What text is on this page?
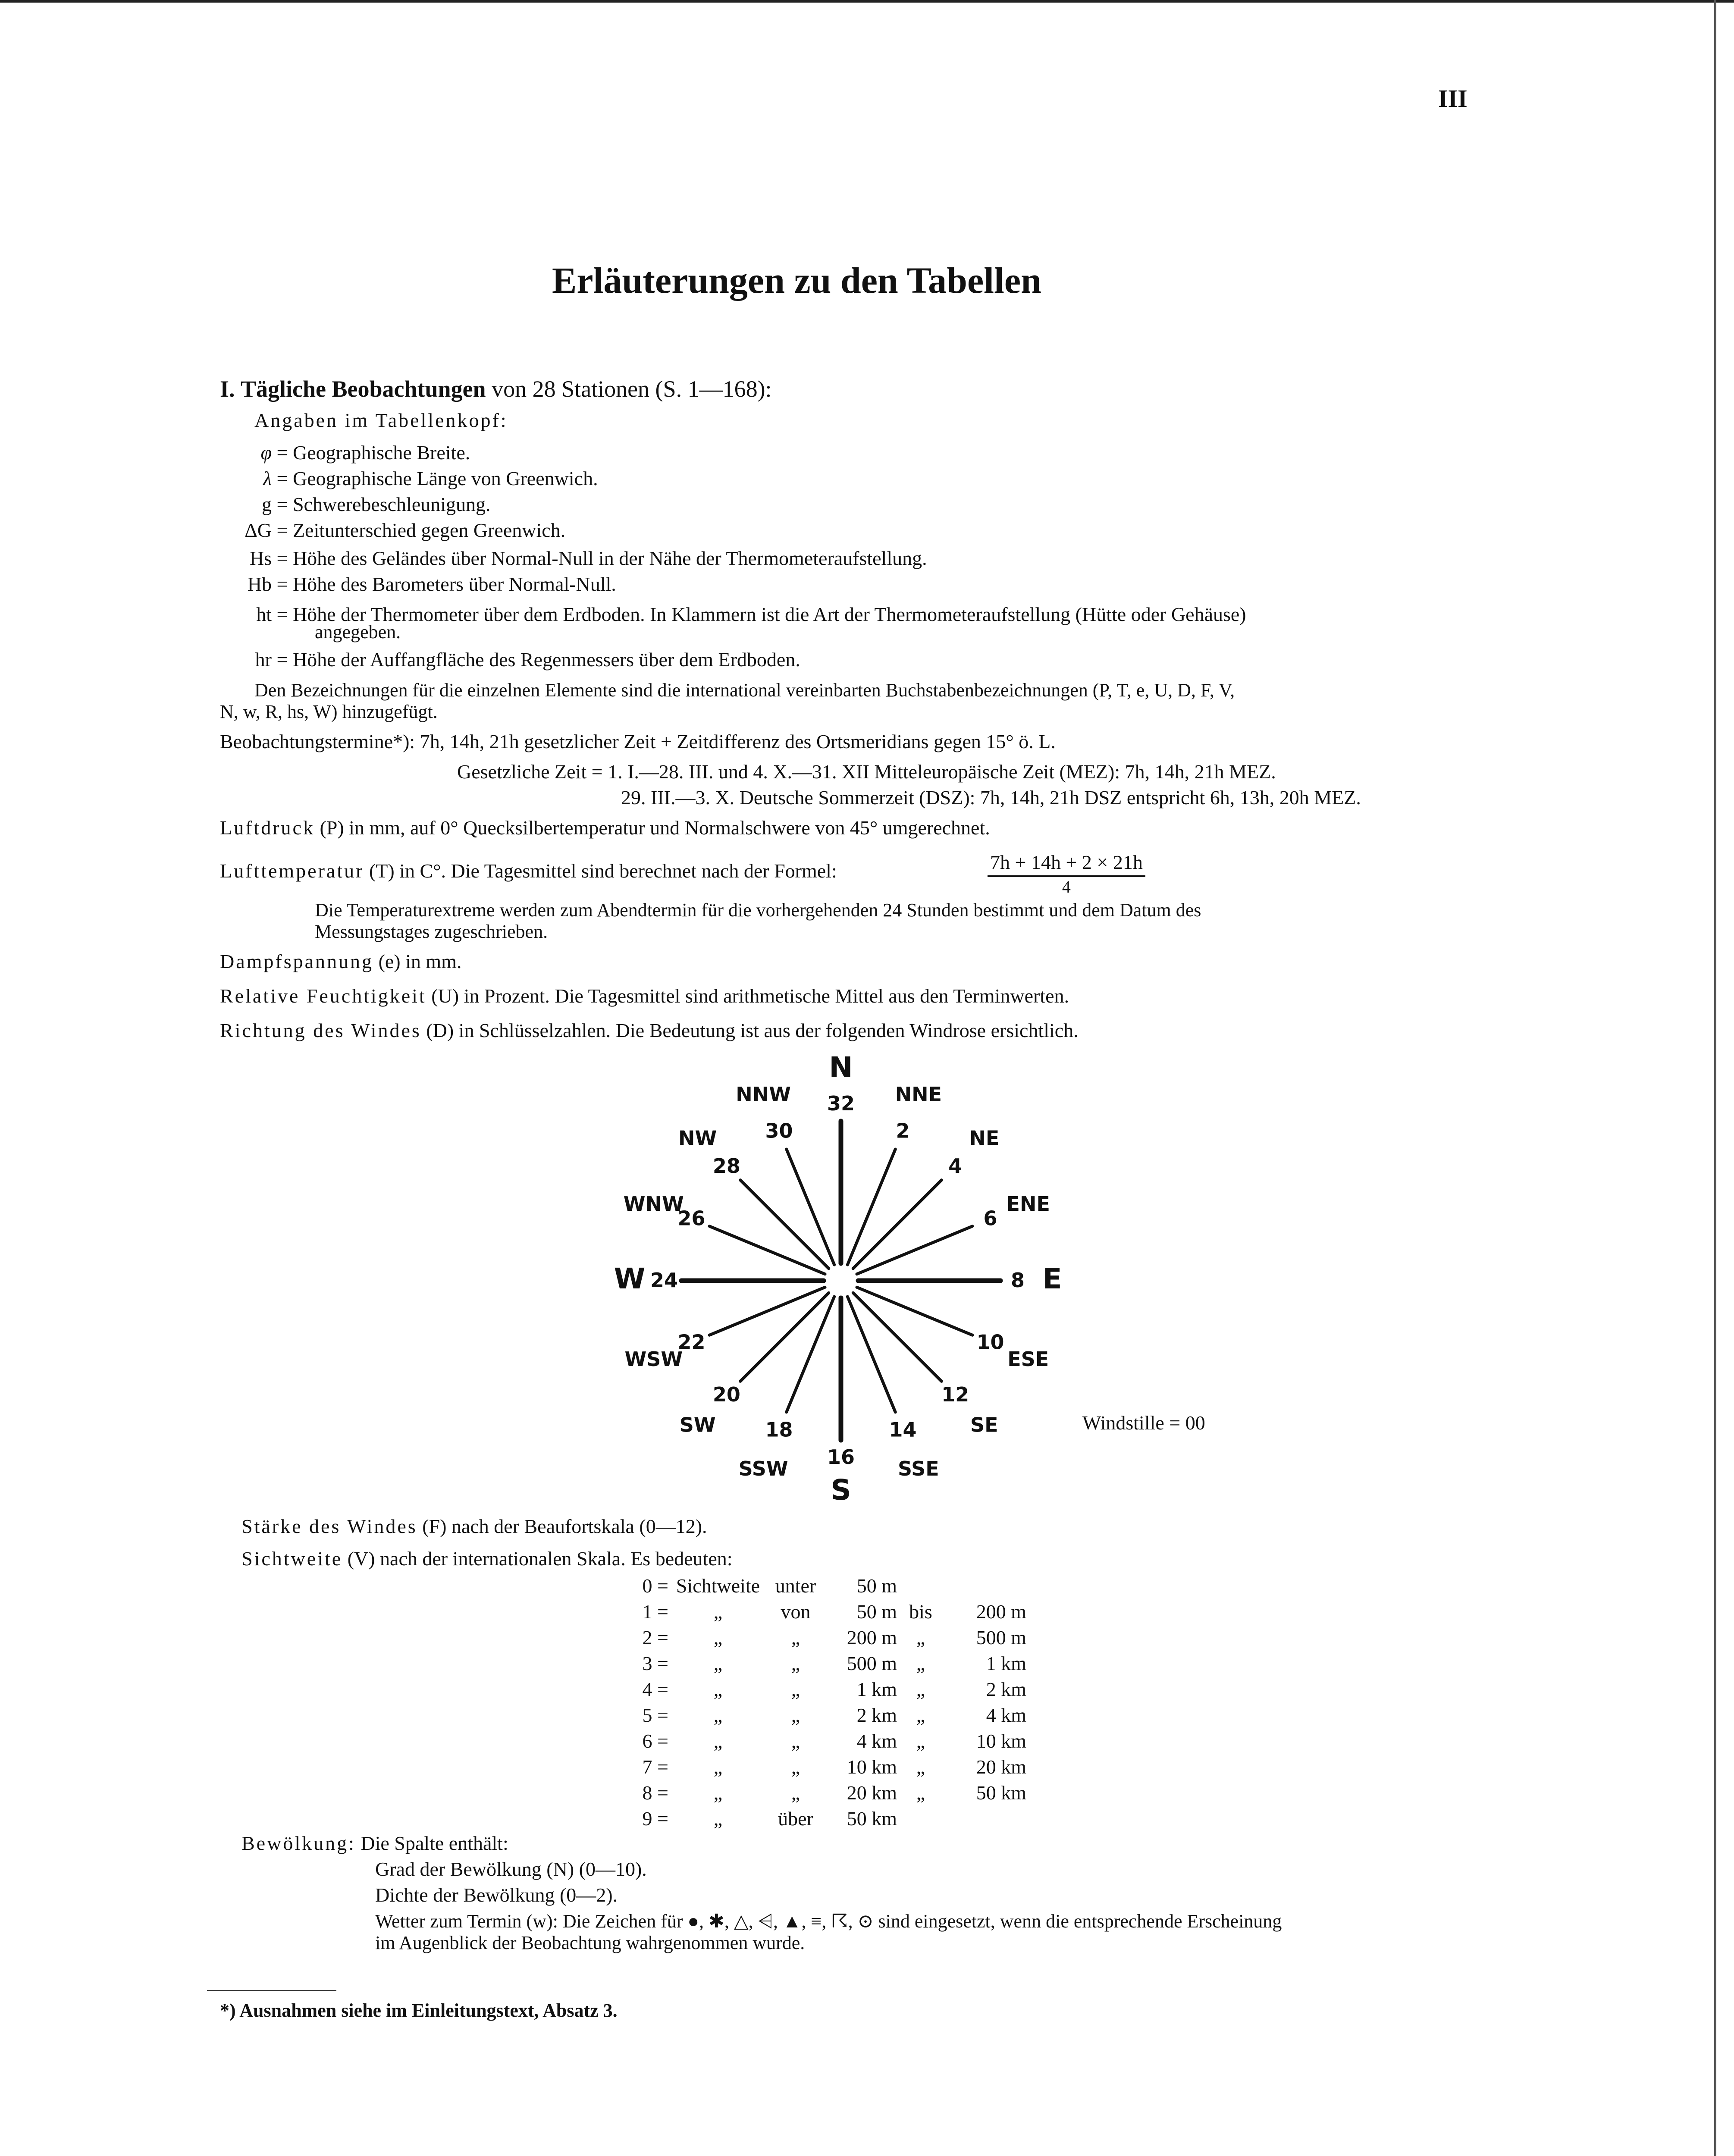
III
Erläuterungen zu den Tabellen
I. Tägliche Beobachtungen von 28 Stationen (S. 1—168):
Angaben im Tabellenkopf:
φ = Geographische Breite.
λ = Geographische Länge von Greenwich.
g = Schwerebeschleunigung.
ΔG = Zeitunterschied gegen Greenwich.
Hs = Höhe des Geländes über Normal-Null in der Nähe der Thermometeraufstellung.
Hb = Höhe des Barometers über Normal-Null.
ht = Höhe der Thermometer über dem Erdboden. In Klammern ist die Art der Thermometeraufstellung (Hütte oder Gehäuse)
angegeben.
hr = Höhe der Auffangfläche des Regenmessers über dem Erdboden.
Den Bezeichnungen für die einzelnen Elemente sind die international vereinbarten Buchstabenbezeichnungen (P, T, e, U, D, F, V,
N, w, R, hs, W) hinzugefügt.
Beobachtungstermine*): 7h, 14h, 21h gesetzlicher Zeit + Zeitdifferenz des Ortsmeridians gegen 15° ö. L.
Gesetzliche Zeit = 1. I.—28. III. und 4. X.—31. XII Mitteleuropäische Zeit (MEZ): 7h, 14h, 21h MEZ.
29. III.—3. X. Deutsche Sommerzeit (DSZ): 7h, 14h, 21h DSZ entspricht 6h, 13h, 20h MEZ.
Luftdruck (P) in mm, auf 0° Quecksilbertemperatur und Normalschwere von 45° umgerechnet.
Lufttemperatur (T) in C°. Die Tagesmittel sind berechnet nach der Formel:	$\frac{7h + 14h + 2 \times 21h}{4}$
Die Temperaturextreme werden zum Abendtermin für die vorhergehenden 24 Stunden bestimmt und dem Datum des
Messungstages zugeschrieben.
Dampfspannung (e) in mm.
Relative Feuchtigkeit (U) in Prozent. Die Tagesmittel sind arithmetische Mittel aus den Terminwerten.
Richtung des Windes (D) in Schlüsselzahlen. Die Bedeutung ist aus der folgenden Windrose ersichtlich.
32
N
2
NNE
4
NE
6
ENE
8 E
10
ESE
12
SE
14
SSE
16
S
18
SSW
20
SW
22
WSW
24
W
26
WNW
28
NW 30
NNW
Windstille = 00
Stärke des Windes (F) nach der Beaufortskala (0—12).
Sichtweite (V) nach der internationalen Skala. Es bedeuten:
0 =	Sichtweite	unter	50 m		
1 =	„	von	50 m	bis	200 m
2 =	„	„	200 m	„	500 m
3 =	„	„	500 m	„	1 km
4 =	„	„	1 km	„	2 km
5 =	„	„	2 km	„	4 km
6 =	„	„	4 km	„	10 km
7 =	„	„	10 km	„	20 km
8 =	„	„	20 km	„	50 km
9 =	„	über	50 km		
Bewölkung: Die Spalte enthält:
Grad der Bewölkung (N) (0—10).
Dichte der Bewölkung (0—2).
Wetter zum Termin (w): Die Zeichen für ●, ✱, △, ⩤, ▲, ≡, ☈, ⊙ sind eingesetzt, wenn die entsprechende Erscheinung
im Augenblick der Beobachtung wahrgenommen wurde.
*) Ausnahmen siehe im Einleitungstext, Absatz 3.
